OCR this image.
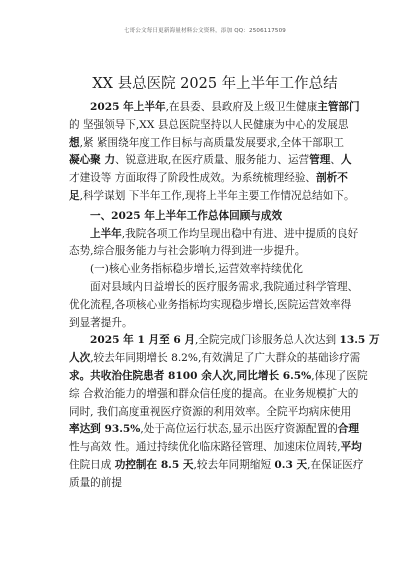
七哥公文每日更新海量材料公文资料，添加 QQ：2506117509
XX 县总医院 2025 年上半年工作总结

2025 年上半年,在县委、县政府及上级卫生健康主管部门

的 坚强领导下,XX 县总医院坚持以人民健康为中心的发展思
想,紧 紧围绕年度工作目标与高质量发展要求,全体干部职工
凝心聚 力、锐意进取,在医疗质量、服务能力、运营管理、人
才建设等 方面取得了阶段性成效。为系统梳理经验、剖析不
足,科学谋划 下半年工作,现将上半年主要工作情况总结如下。

一、2025 年上半年工作总体回顾与成效

上半年,我院各项工作均呈现出稳中有进、进中提质的良好

态势,综合服务能力与社会影响力得到进一步提升。

(一)核心业务指标稳步增长,运营效率持续优化

面对县域内日益增长的医疗服务需求,我院通过科学管理、

优化流程,各项核心业务指标均实现稳步增长,医院运营效率得
到显著提升。

2025 年 1 月至 6 月,全院完成门诊服务总人次达到 13.5 万

人次,较去年同期增长 8.2%,有效满足了广大群众的基础诊疗需
求。共收治住院患者 8100 余人次,同比增长 6.5%,体现了医院
综 合救治能力的增强和群众信任度的提高。在业务规模扩大的
同时, 我们高度重视医疗资源的利用效率。全院平均病床使用
率达到 93.5%,处于高位运行状态,显示出医疗资源配置的合理
性与高效 性。通过持续优化临床路径管理、加速床位周转,平均
住院日成 功控制在 8.5 天,较去年同期缩短 0.3 天,在保证医疗
质量的前提
